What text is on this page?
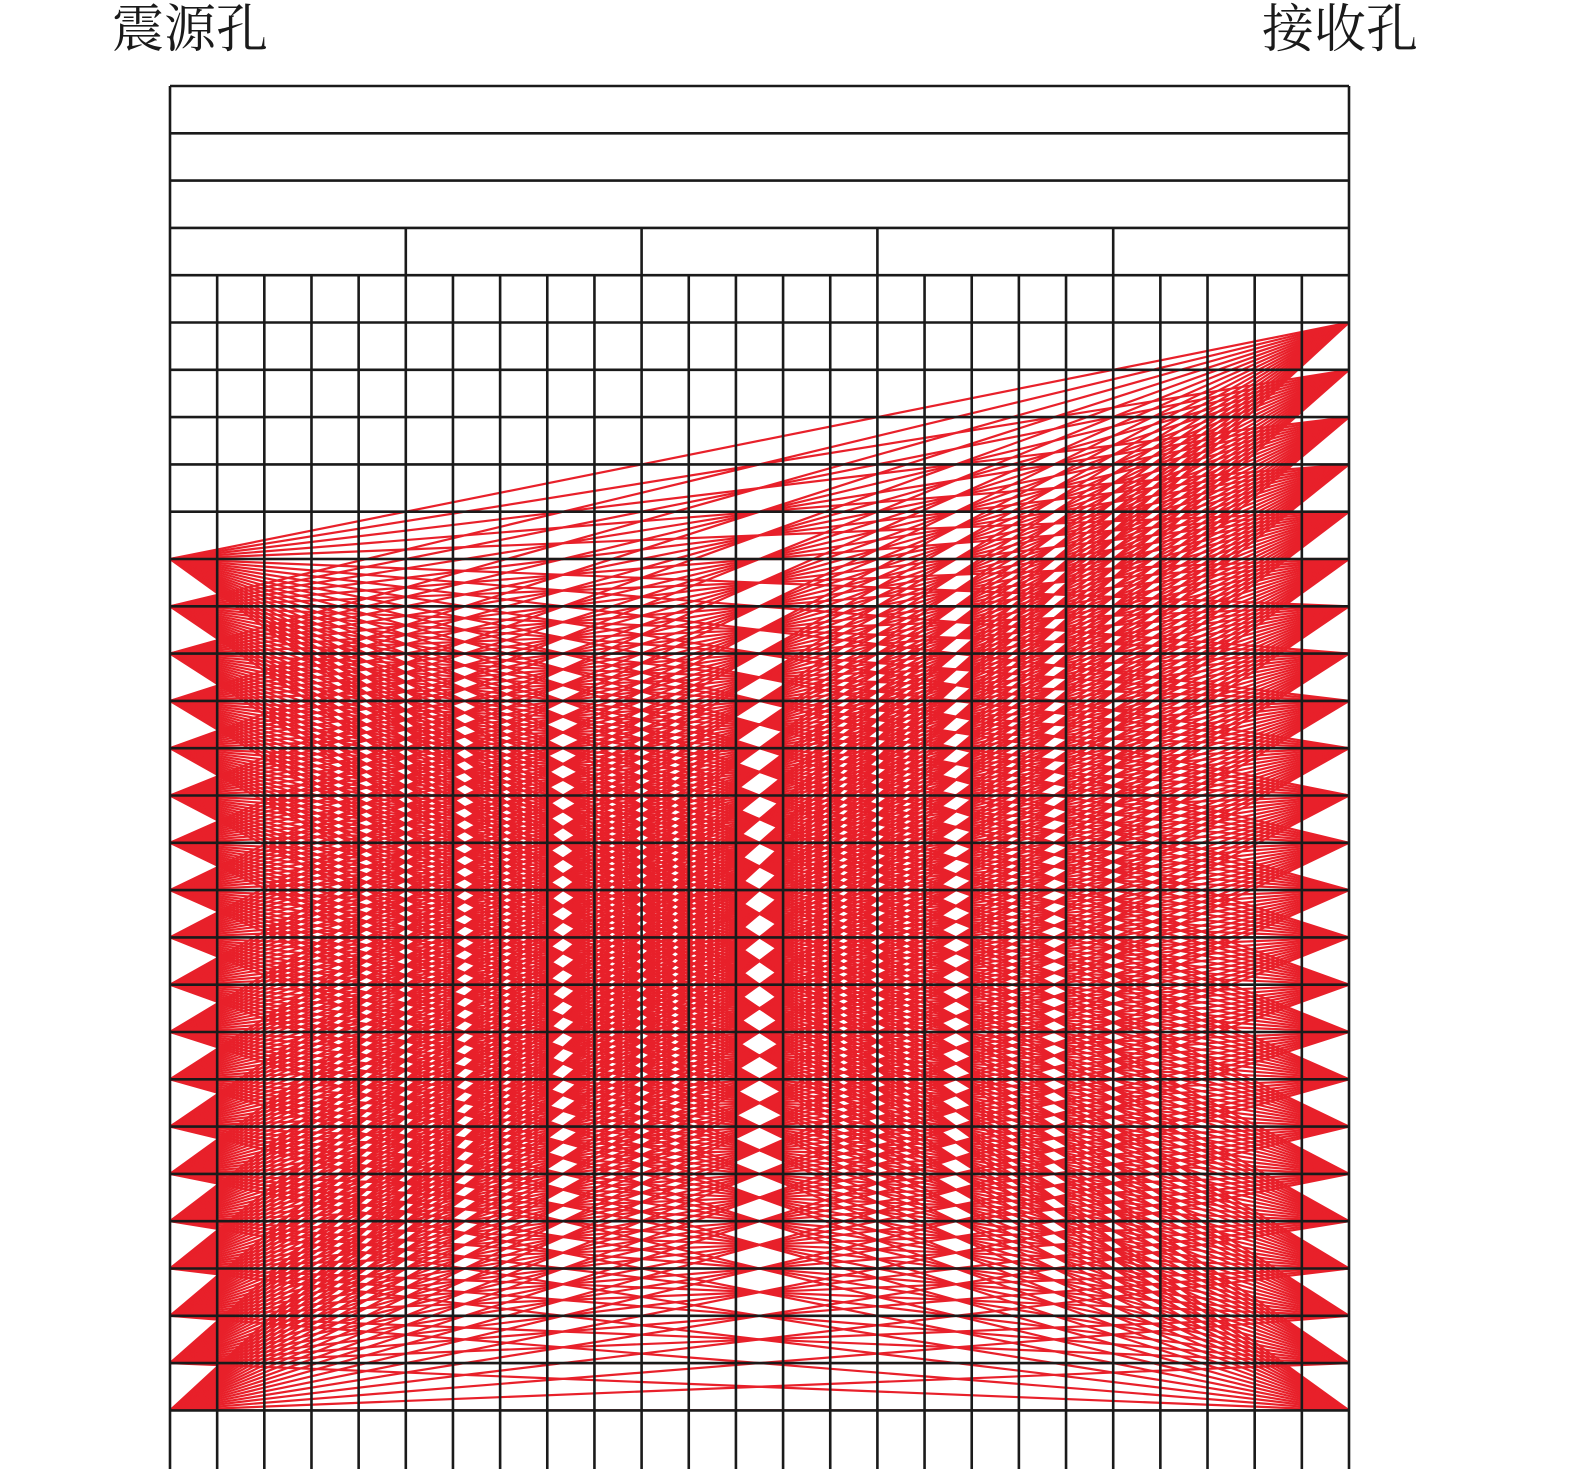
震源孔	接收孔
